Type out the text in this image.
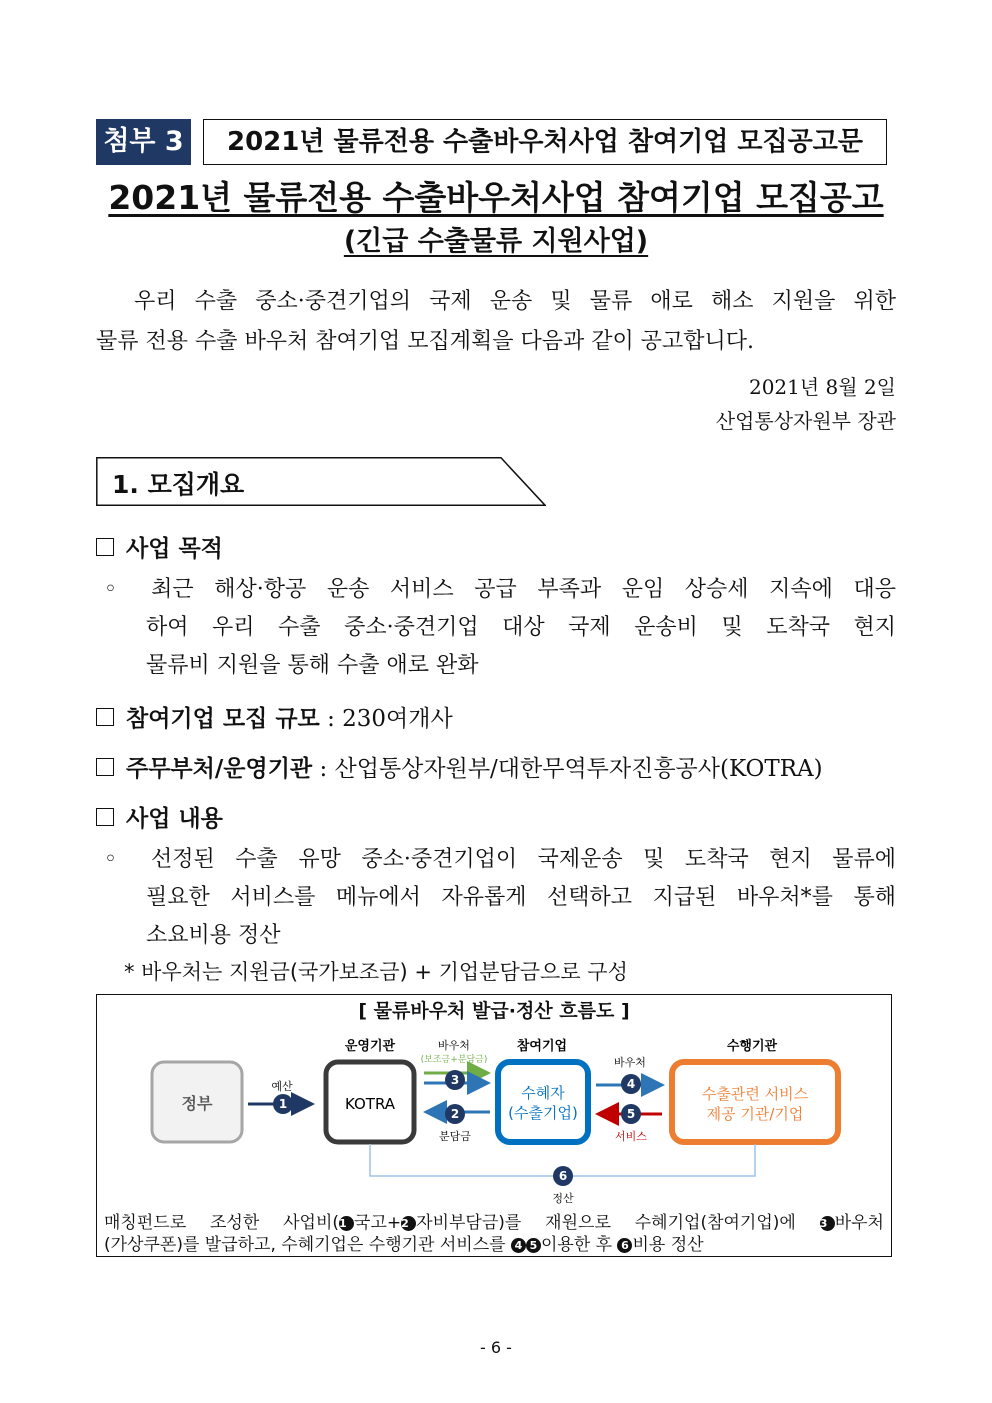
첨부 3	2021년 물류전용 수출바우처사업 참여기업 모집공고문
2021년 물류전용 수출바우처사업 참여기업 모집공고
(긴급 수출물류 지원사업)
우리 수출 중소·중견기업의 국제 운송 및 물류 애로 해소 지원을 위한
물류 전용 수출 바우처 참여기업 모집계획을 다음과 같이 공고합니다.
2021년 8월 2일
산업통상자원부 장관
1. 모집개요
사업 목적
◦ 최근 해상·항공 운송 서비스 공급 부족과 운임 상승세 지속에 대응
하여 우리 수출 중소·중견기업 대상 국제 운송비 및 도착국 현지
물류비 지원을 통해 수출 애로 완화
참여기업 모집 규모 : 230여개사
주무부처/운영기관 : 산업통상자원부/대한무역투자진흥공사(KOTRA)
사업 내용
◦ 선정된 수출 유망 중소·중견기업이 국제운송 및 도착국 현지 물류에
필요한 서비스를 메뉴에서 자유롭게 선택하고 지급된 바우처*를 통해
소요비용 정산
* 바우처는 지원금(국가보조금) + 기업분담금으로 구성
[ 물류바우처 발급·정산 흐름도 ]
운영기관	참여기업	수행기관
정부
예산
1	KOTRA
바우처
(보조금+분담금)
3
2
분담금
수혜자
(수출기업)
바우처
4
5
서비스
수출관련 서비스
제공 기관/기업
6
정산
매칭펀드로 조성한 사업비(1 국고+2 자비부담금)를 재원으로 수혜기업(참여기업)에 3 바우처
(가상쿠폰)를 발급하고, 수혜기업은 수행기관 서비스를 4 5 이용한 후 6 비용 정산
- 6 -
